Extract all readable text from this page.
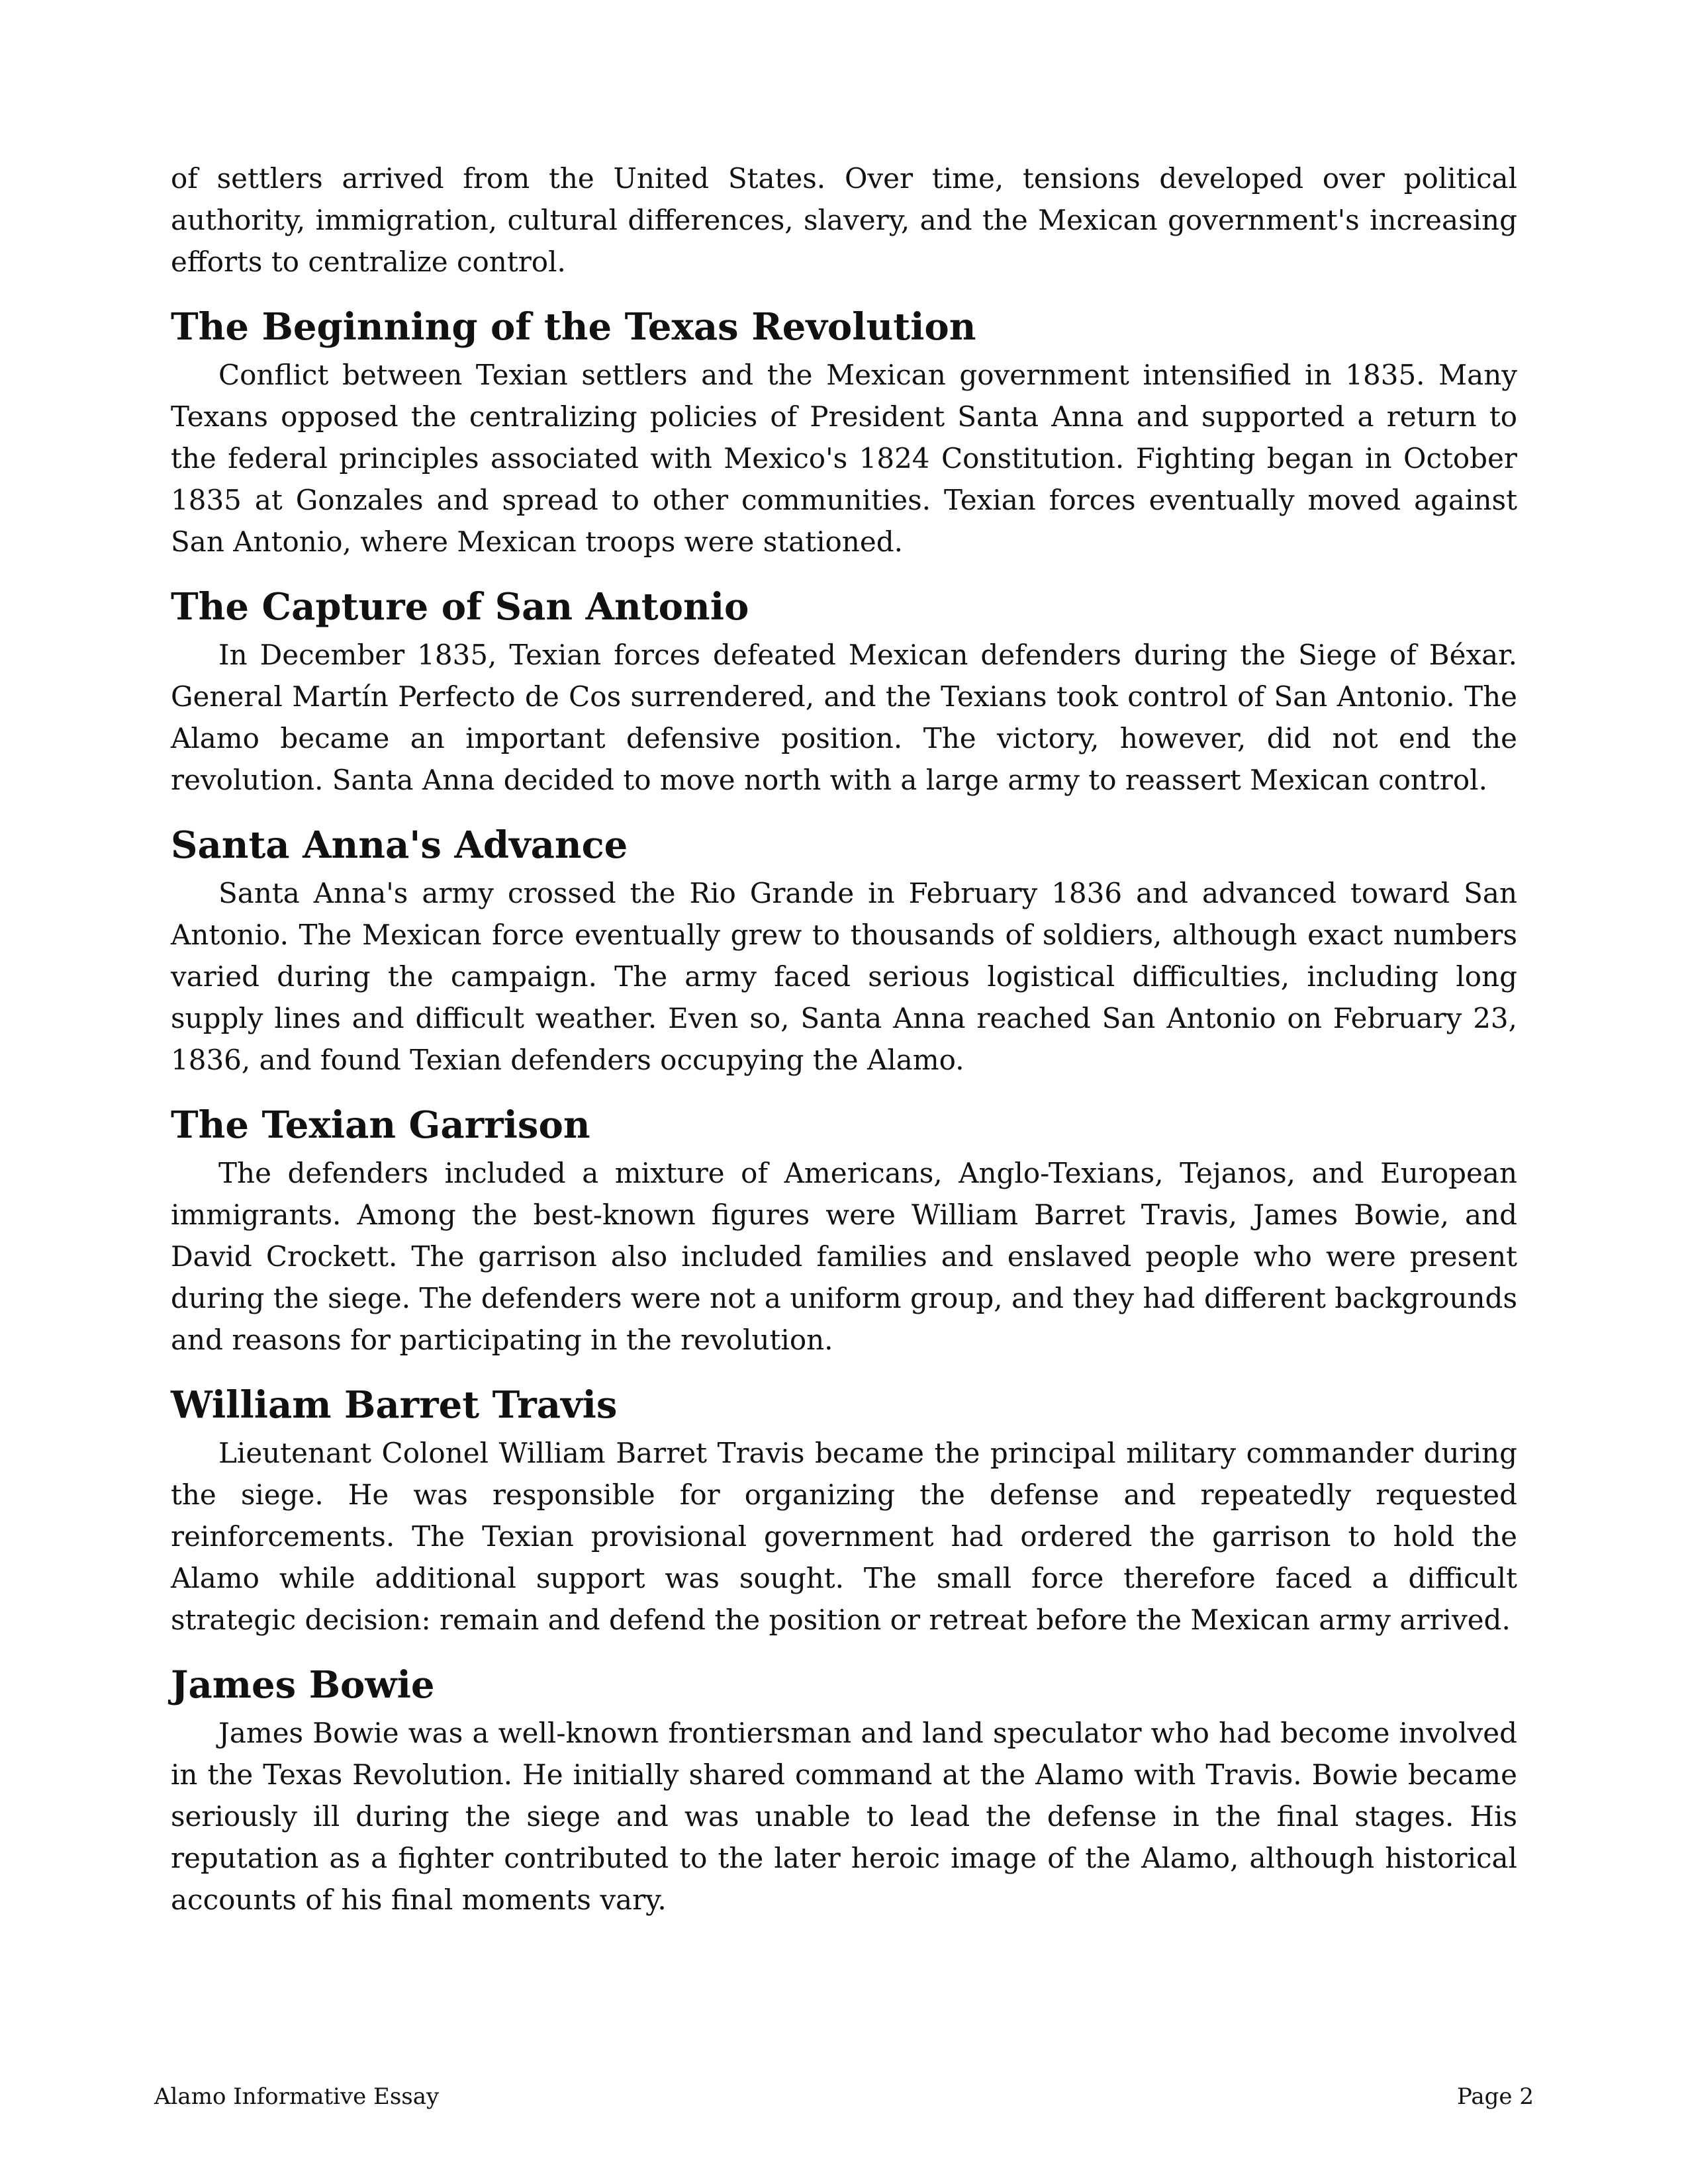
of settlers arrived from the United States. Over time, tensions developed over political authority, immigration, cultural differences, slavery, and the Mexican government's increasing efforts to centralize control.

The Beginning of the Texas Revolution

Conflict between Texian settlers and the Mexican government intensified in 1835. Many Texans opposed the centralizing policies of President Santa Anna and supported a return to the federal principles associated with Mexico's 1824 Constitution. Fighting began in October 1835 at Gonzales and spread to other communities. Texian forces eventually moved against San Antonio, where Mexican troops were stationed.

The Capture of San Antonio

In December 1835, Texian forces defeated Mexican defenders during the Siege of Béxar. General Martín Perfecto de Cos surrendered, and the Texians took control of San Antonio. The Alamo became an important defensive position. The victory, however, did not end the revolution. Santa Anna decided to move north with a large army to reassert Mexican control.

Santa Anna's Advance

Santa Anna's army crossed the Rio Grande in February 1836 and advanced toward San Antonio. The Mexican force eventually grew to thousands of soldiers, although exact numbers varied during the campaign. The army faced serious logistical difficulties, including long supply lines and difficult weather. Even so, Santa Anna reached San Antonio on February 23, 1836, and found Texian defenders occupying the Alamo.

The Texian Garrison

The defenders included a mixture of Americans, Anglo-Texians, Tejanos, and European immigrants. Among the best-known figures were William Barret Travis, James Bowie, and David Crockett. The garrison also included families and enslaved people who were present during the siege. The defenders were not a uniform group, and they had different backgrounds and reasons for participating in the revolution.

William Barret Travis

Lieutenant Colonel William Barret Travis became the principal military commander during the siege. He was responsible for organizing the defense and repeatedly requested reinforcements. The Texian provisional government had ordered the garrison to hold the Alamo while additional support was sought. The small force therefore faced a difficult strategic decision: remain and defend the position or retreat before the Mexican army arrived.

James Bowie

James Bowie was a well-known frontiersman and land speculator who had become involved in the Texas Revolution. He initially shared command at the Alamo with Travis. Bowie became seriously ill during the siege and was unable to lead the defense in the final stages. His reputation as a fighter contributed to the later heroic image of the Alamo, although historical accounts of his final moments vary.

Alamo Informative Essay	Page 2
